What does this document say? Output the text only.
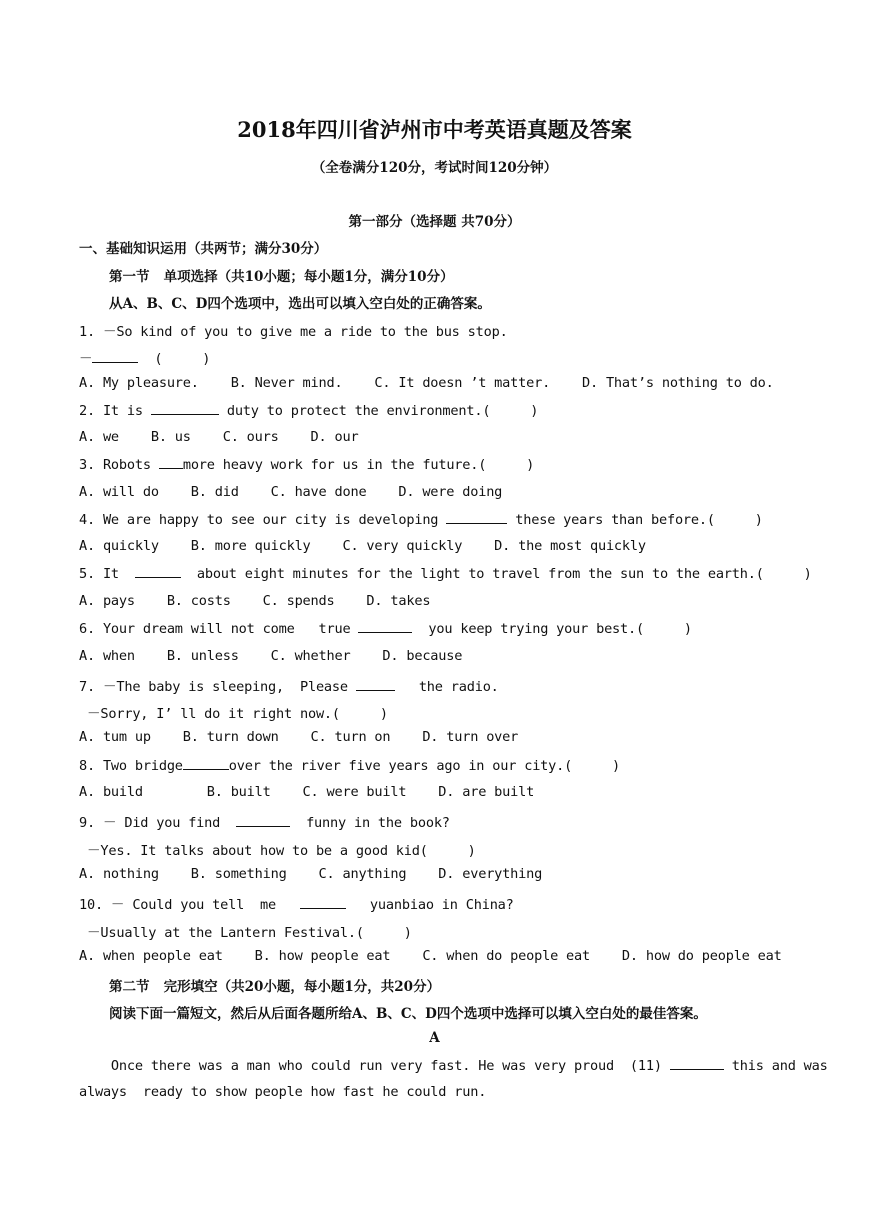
2018年四川省泸州市中考英语真题及答案
（全卷满分120分，考试时间120分钟）
第一部分（选择题 共70分）
一、基础知识运用（共两节；满分30分）
第一节   单项选择（共10小题；每小题1分，满分10分）
从A、B、C、D四个选项中，选出可以填入空白处的正确答案。
1. －So kind of you to give me a ride to the bus stop.
－	(     )
A. My pleasure.    B. Never mind.    C. It doesn ’t matter.    D. That’s nothing to do.
2. It is	duty to protect the environment.(     )
A. we    B. us    C. ours    D. our
3. Robots more heavy work for us in the future.(     )
A. will do    B. did    C. have done    D. were doing
4. We are happy to see our city is developing	these years than before.(     )
A. quickly    B. more quickly    C. very quickly    D. the most quickly
5. It	about eight minutes for the light to travel from the sun to the earth.(     )
A. pays    B. costs    C. spends    D. takes
6. Your dream will not come   true	you keep trying your best.(     )
A. when    B. unless    C. whether    D. because
7. －The baby is sleeping,  Please	the radio.
－Sorry, I’ ll do it right now.(     )
A. tum up    B. turn down    C. turn on    D. turn over
8. Two bridge	over the river five years ago in our city.(     )
A. build        B. built    C. were built    D. are built
9. － Did you find	funny in the book?
－Yes. It talks about how to be a good kid(     )
A. nothing    B. something    C. anything    D. everything
10. － Could you tell  me	yuanbiao in China?
－Usually at the Lantern Festival.(     )
A. when people eat    B. how people eat    C. when do people eat    D. how do people eat
第二节   完形填空（共20小题，每小题1分，共20分）
阅读下面一篇短文，然后从后面各题所给A、B、C、D四个选项中选择可以填入空白处的最佳答案。
A
Once there was a man who could run very fast. He was very proud  (11)	this and was
always  ready to show people how fast he could run.
